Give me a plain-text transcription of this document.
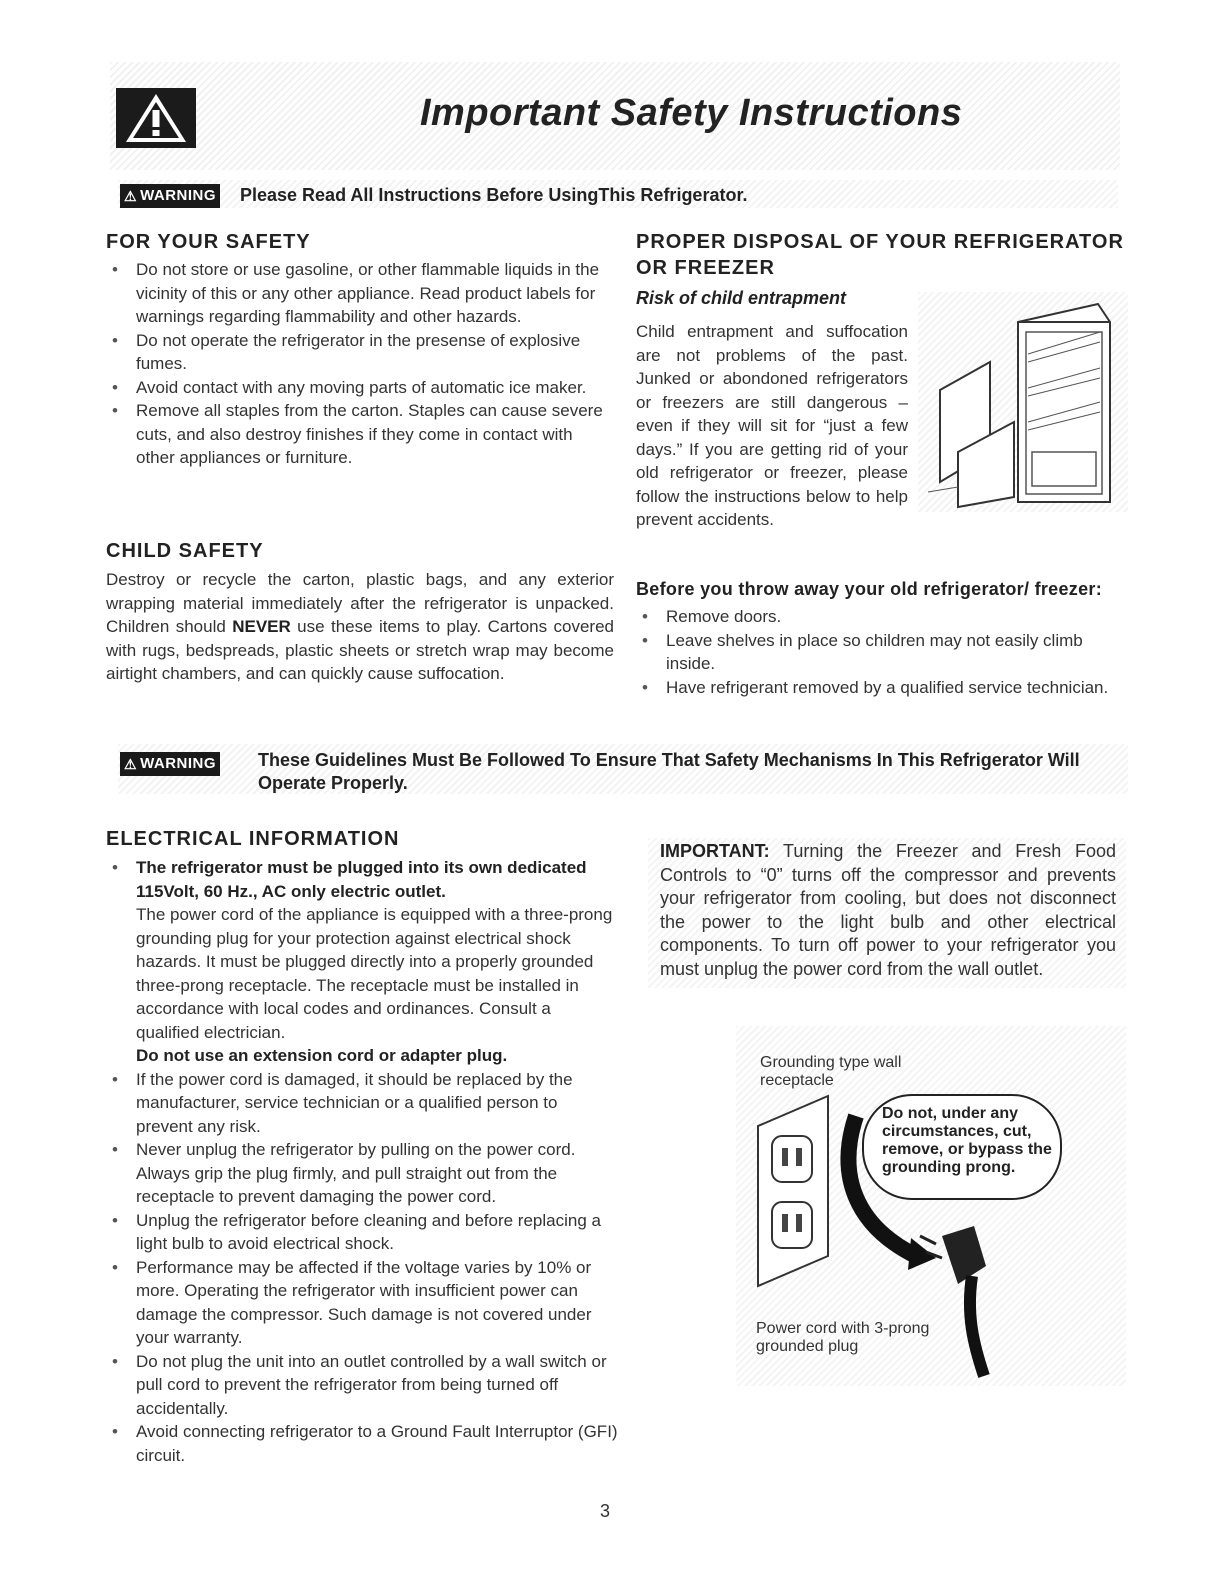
Important Safety Instructions
⚠ WARNING Please Read All Instructions Before UsingThis Refrigerator.
FOR YOUR SAFETY
• Do not store or use gasoline, or other flammable liquids in the vicinity of this or any other appliance. Read product labels for warnings regarding flammability and other hazards.
• Do not operate the refrigerator in the presense of explosive fumes.
• Avoid contact with any moving parts of automatic ice maker.
• Remove all staples from the carton. Staples can cause severe cuts, and also destroy finishes if they come in contact with other appliances or furniture.
CHILD SAFETY
Destroy or recycle the carton, plastic bags, and any exterior wrapping material immediately after the refrigerator is unpacked. Children should NEVER use these items to play. Cartons covered with rugs, bedspreads, plastic sheets or stretch wrap may become airtight chambers, and can quickly cause suffocation.
PROPER DISPOSAL OF YOUR REFRIGERATOR OR FREEZER
Risk of child entrapment
Child entrapment and suffocation are not problems of the past. Junked or abondoned refrigerators or freezers are still dangerous – even if they will sit for “just a few days.” If you are getting rid of your old refrigerator or freezer, please follow the instructions below to help prevent accidents.
Before you throw away your old refrigerator/ freezer:
• Remove doors.
• Leave shelves in place so children may not easily climb inside.
• Have refrigerant removed by a qualified service technician.
⚠ WARNING These Guidelines Must Be Followed To Ensure That Safety Mechanisms In This Refrigerator Will Operate Properly.
ELECTRICAL INFORMATION
• The refrigerator must be plugged into its own dedicated 115Volt, 60 Hz., AC only electric outlet.
The power cord of the appliance is equipped with a three-prong grounding plug for your protection against electrical shock hazards. It must be plugged directly into a properly grounded three-prong receptacle. The receptacle must be installed in accordance with local codes and ordinances. Consult a qualified electrician.
Do not use an extension cord or adapter plug.
• If the power cord is damaged, it should be replaced by the manufacturer, service technician or a qualified person to prevent any risk.
• Never unplug the refrigerator by pulling on the power cord. Always grip the plug firmly, and pull straight out from the receptacle to prevent damaging the power cord.
• Unplug the refrigerator before cleaning and before replacing a light bulb to avoid electrical shock.
• Performance may be affected if the voltage varies by 10% or more. Operating the refrigerator with insufficient power can damage the compressor. Such damage is not covered under your warranty.
• Do not plug the unit into an outlet controlled by a wall switch or pull cord to prevent the refrigerator from being turned off accidentally.
• Avoid connecting refrigerator to a Ground Fault Interruptor (GFI) circuit.
IMPORTANT: Turning the Freezer and Fresh Food Controls to “0” turns off the compressor and prevents your refrigerator from cooling, but does not disconnect the power to the light bulb and other electrical components. To turn off power to your refrigerator you must unplug the power cord from the wall outlet.
Grounding type wall receptacle
Do not, under any circumstances, cut, remove, or bypass the grounding prong.
Power cord with 3-prong grounded plug
3
